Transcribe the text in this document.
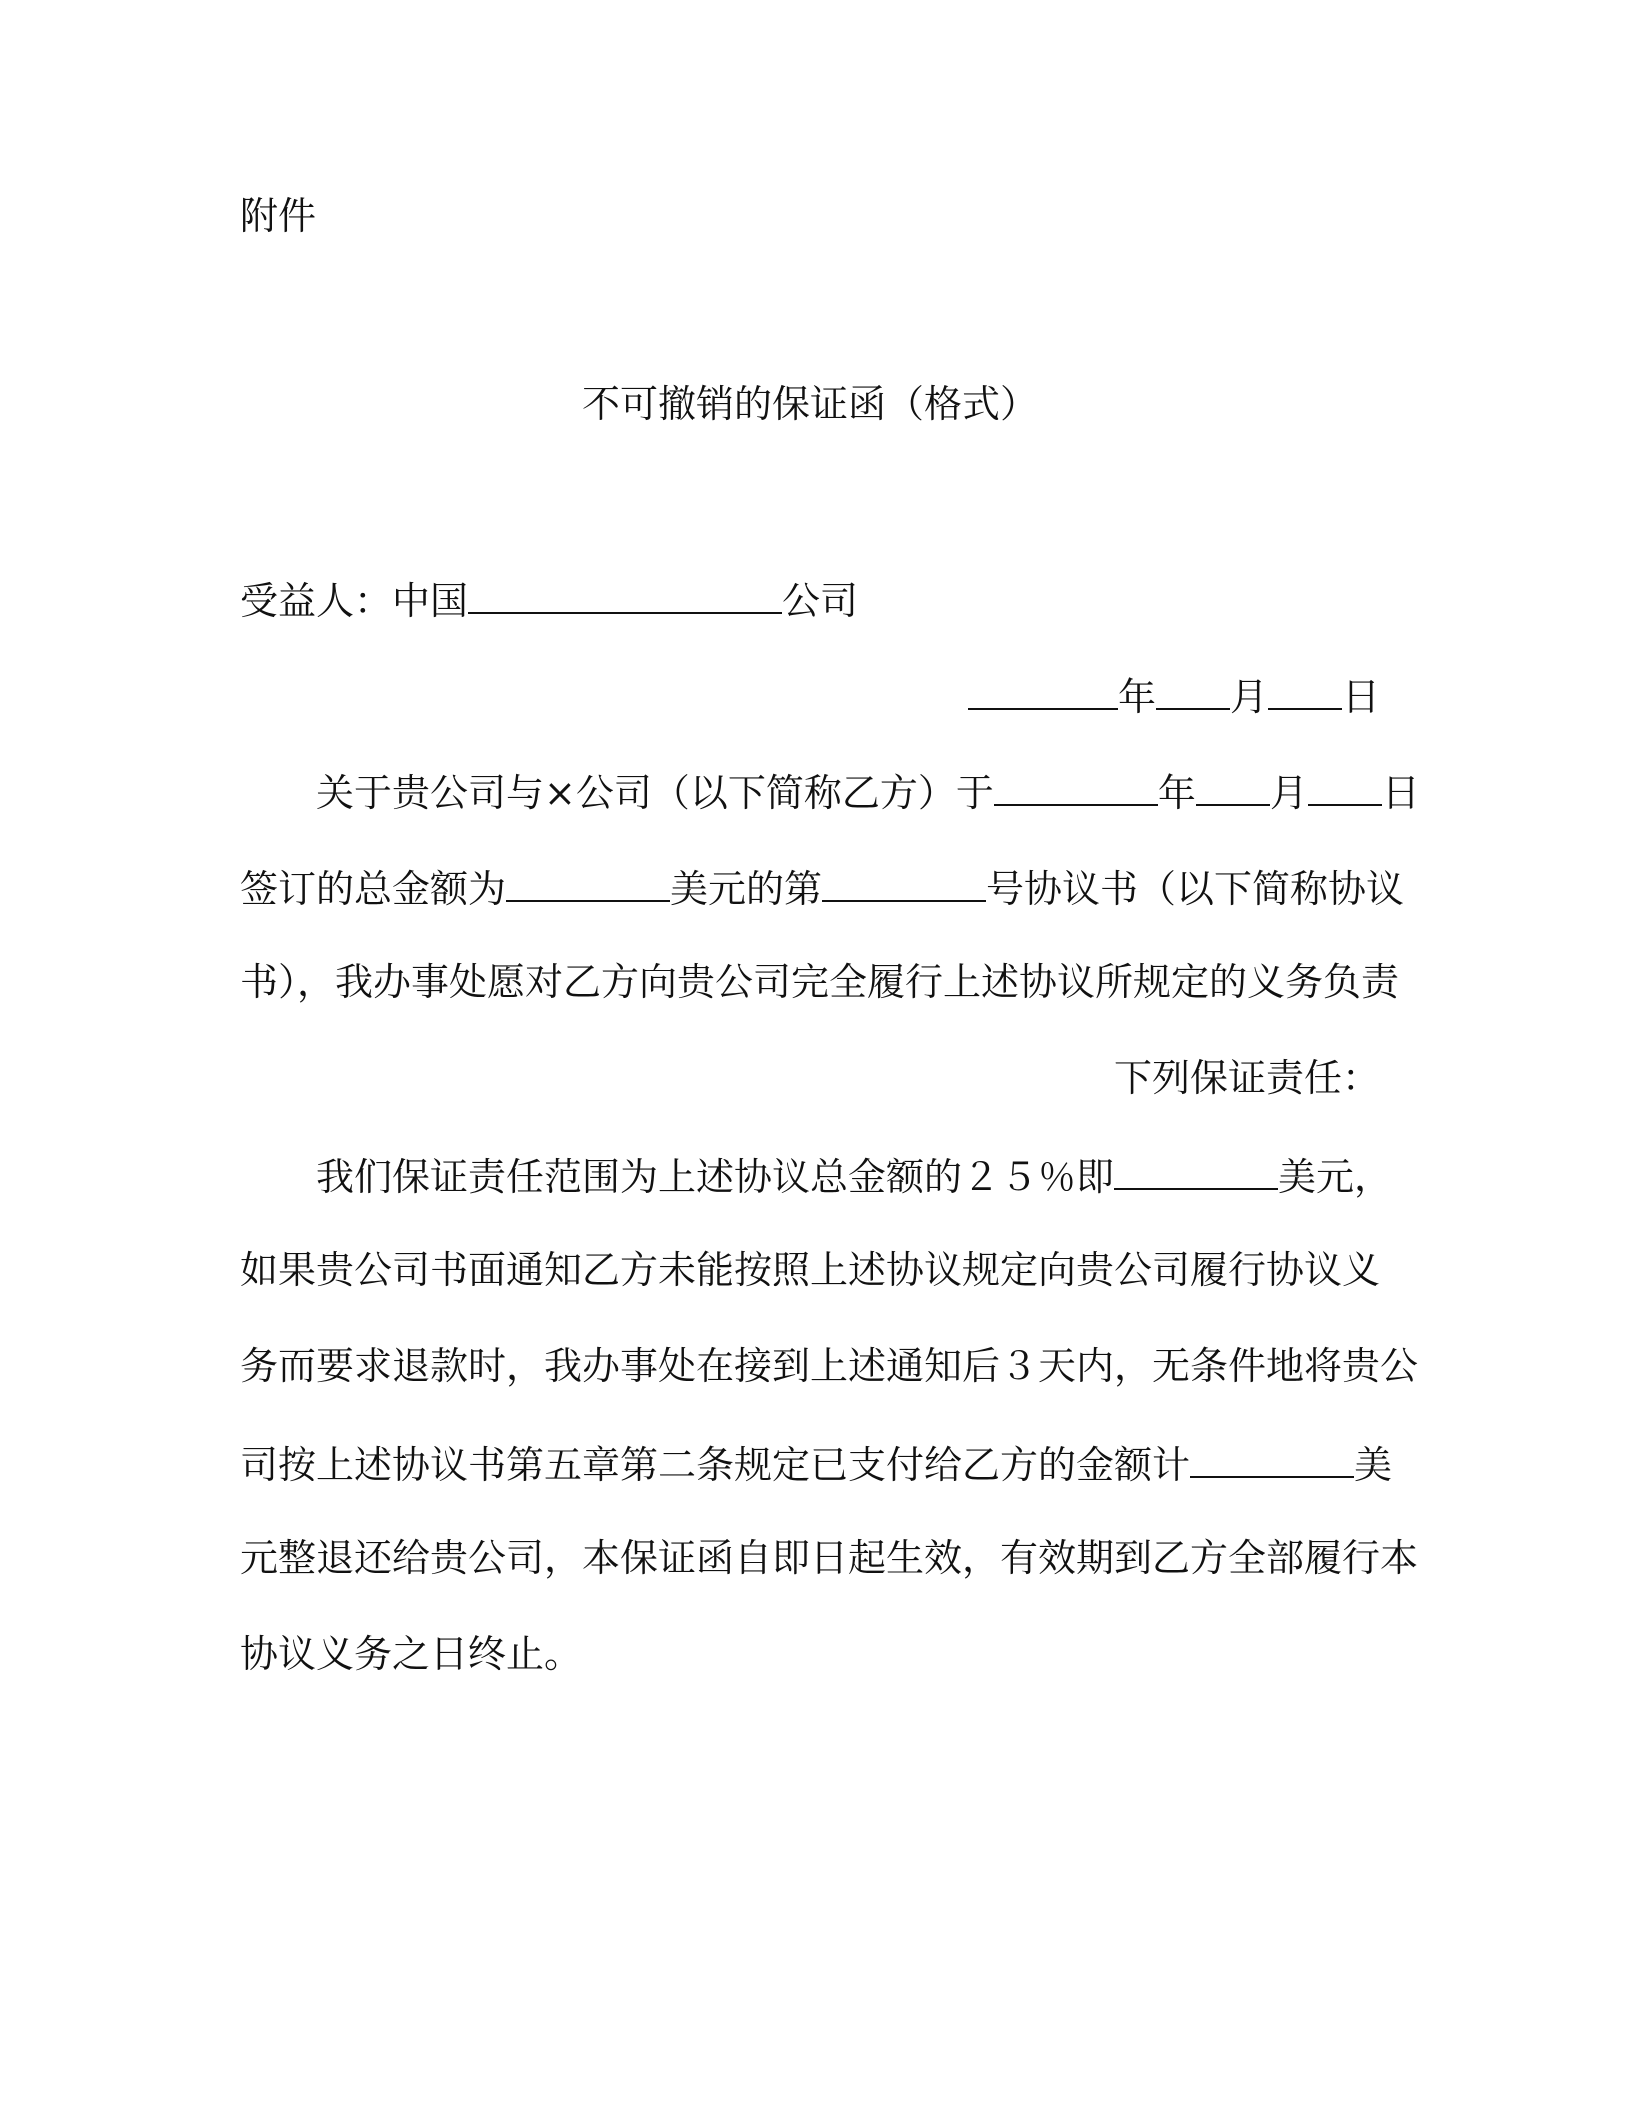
附件
不可撤销的保证函（格式）
受益人：中国	公司
年 月 日
关于贵公司与×公司（以下简称乙方）于	年 月 日
签订的总金额为	美元的第	号协议书（以下简称协议
书），我办事处愿对乙方向贵公司完全履行上述协议所规定的义务负责
下列保证责任：
我们保证责任范围为上述协议总金额的２５％即	美元，
如果贵公司书面通知乙方未能按照上述协议规定向贵公司履行协议义
务而要求退款时，我办事处在接到上述通知后３天内，无条件地将贵公
司按上述协议书第五章第二条规定已支付给乙方的金额计	美
元整退还给贵公司，本保证函自即日起生效，有效期到乙方全部履行本
协议义务之日终止。
